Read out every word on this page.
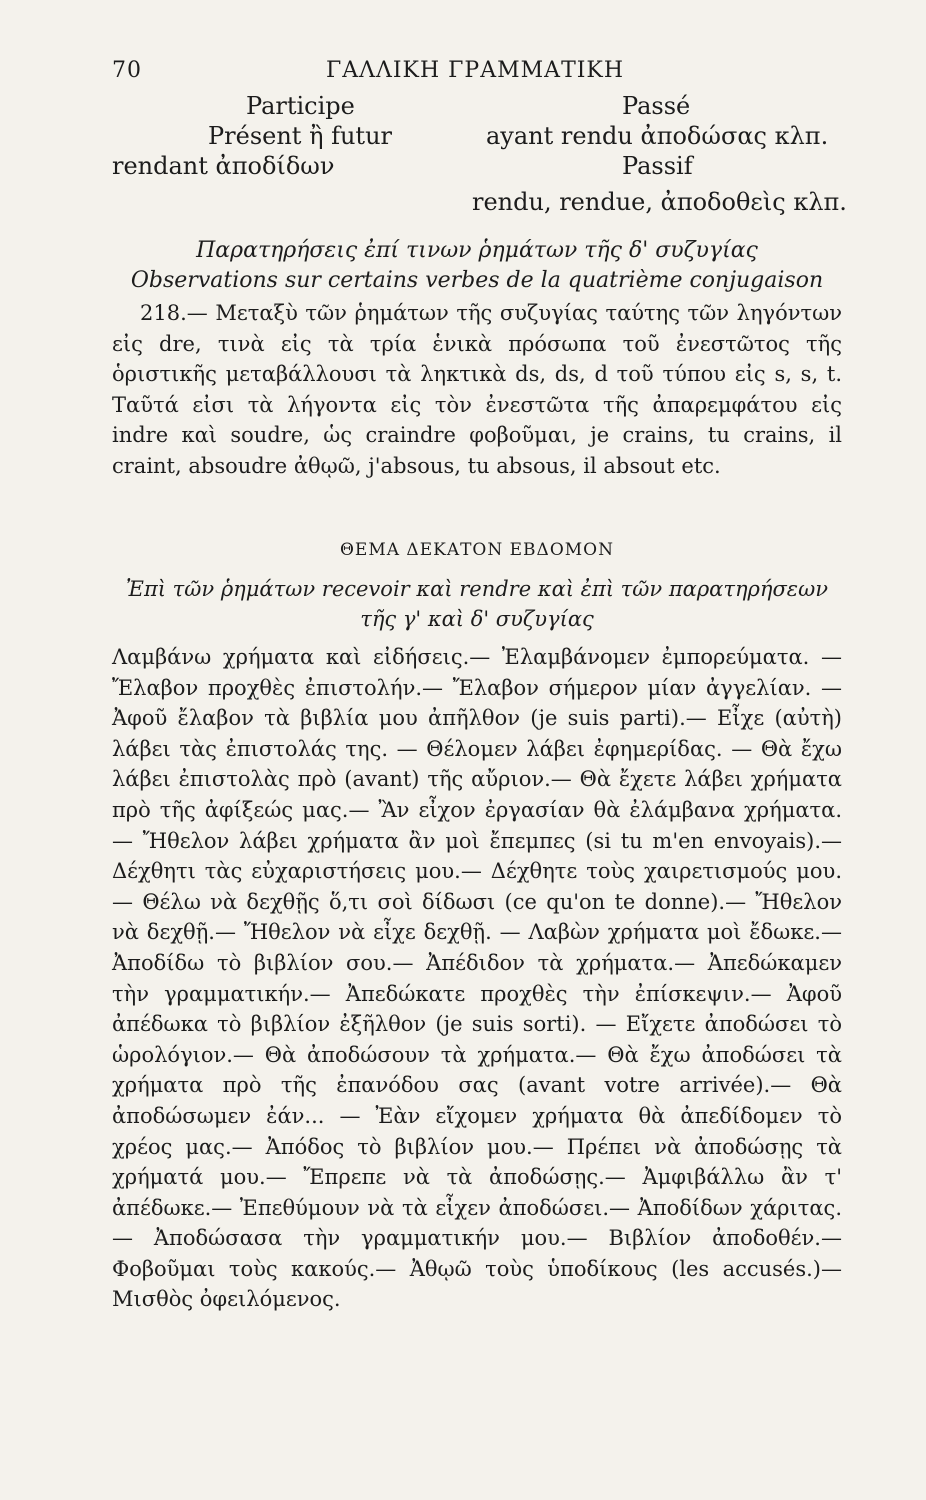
70	ΓΑΛΛΙΚΗ ΓΡΑΜΜΑΤΙΚΗ
Participe	Passé
Présent ἢ futur	ayant rendu ἀποδώσας κλπ.
rendant ἀποδίδων	Passif
rendu, rendue, ἀποδοθεὶς κλπ.
Παρατηρήσεις ἐπί τινων ῥημάτων τῆς δ' συζυγίας
Observations sur certains verbes de la quatrième conjugaison

218.— Μεταξὺ τῶν ῥημάτων τῆς συζυγίας ταύτης τῶν ληγόντων εἰς dre, τινὰ εἰς τὰ τρία ἑνικὰ πρόσωπα τοῦ ἐνεστῶτος τῆς ὁριστικῆς μεταβάλλουσι τὰ ληκτικὰ ds, ds, d τοῦ τύπου εἰς s, s, t. Ταῦτά εἰσι τὰ λήγοντα εἰς τὸν ἐνεστῶτα τῆς ἀπαρεμφάτου εἰς indre καὶ soudre, ὡς craindre φοβοῦμαι, je crains, tu crains, il craint, absoudre ἀθῳῶ, j'absous, tu absous, il absout etc.

ΘΕΜΑ ΔΕΚΑΤΟΝ ΕΒΔΟΜΟΝ
Ἐπὶ τῶν ῥημάτων recevoir καὶ rendre καὶ ἐπὶ τῶν παρατηρήσεων τῆς γ' καὶ δ' συζυγίας

Λαμβάνω χρήματα καὶ εἰδήσεις.— Ἐλαμβάνομεν ἐμπορεύματα. — Ἔλαβον προχθὲς ἐπιστολήν.— Ἔλαβον σήμερον μίαν ἀγγελίαν. — Ἀφοῦ ἔλαβον τὰ βιβλία μου ἀπῆλθον (je suis parti).— Εἶχε (αὐτὴ) λάβει τὰς ἐπιστολάς της. — Θέλομεν λάβει ἐφημερίδας. — Θὰ ἔχω λάβει ἐπιστολὰς πρὸ (avant) τῆς αὔριον.— Θὰ ἔχετε λάβει χρήματα πρὸ τῆς ἀφίξεώς μας.— Ἂν εἶχον ἐργασίαν θὰ ἐλάμβανα χρήματα.— Ἤθελον λάβει χρήματα ἂν μοὶ ἔπεμπες (si tu m'en envoyais).— Δέχθητι τὰς εὐχαριστήσεις μου.— Δέχθητε τοὺς χαιρετισμούς μου.— Θέλω νὰ δεχθῇς ὅ,τι σοὶ δίδωσι (ce qu'on te donne).— Ἤθελον νὰ δεχθῇ.— Ἤθελον νὰ εἶχε δεχθῇ. — Λαβὼν χρήματα μοὶ ἔδωκε.— Ἀποδίδω τὸ βιβλίον σου.— Ἀπέδιδον τὰ χρήματα.— Ἀπεδώκαμεν τὴν γραμματικήν.— Ἀπεδώκατε προχθὲς τὴν ἐπίσκεψιν.— Ἀφοῦ ἀπέδωκα τὸ βιβλίον ἐξῆλθον (je suis sorti). — Εἴχετε ἀποδώσει τὸ ὡρολόγιον.— Θὰ ἀποδώσουν τὰ χρήματα.— Θὰ ἔχω ἀποδώσει τὰ χρήματα πρὸ τῆς ἐπανόδου σας (avant votre arrivée).— Θὰ ἀποδώσωμεν ἐάν... — Ἐὰν εἴχομεν χρήματα θὰ ἀπεδίδομεν τὸ χρέος μας.— Ἀπόδος τὸ βιβλίον μου.— Πρέπει νὰ ἀποδώσῃς τὰ χρήματά μου.— Ἔπρεπε νὰ τὰ ἀποδώσῃς.— Ἀμφιβάλλω ἂν τ' ἀπέδωκε.— Ἐπεθύμουν νὰ τὰ εἶχεν ἀποδώσει.— Ἀποδίδων χάριτας.— Ἀποδώσασα τὴν γραμματικήν μου.— Βιβλίον ἀποδοθέν.— Φοβοῦμαι τοὺς κακούς.— Ἀθῳῶ τοὺς ὑποδίκους (les accusés.)— Μισθὸς ὀφειλόμενος.
